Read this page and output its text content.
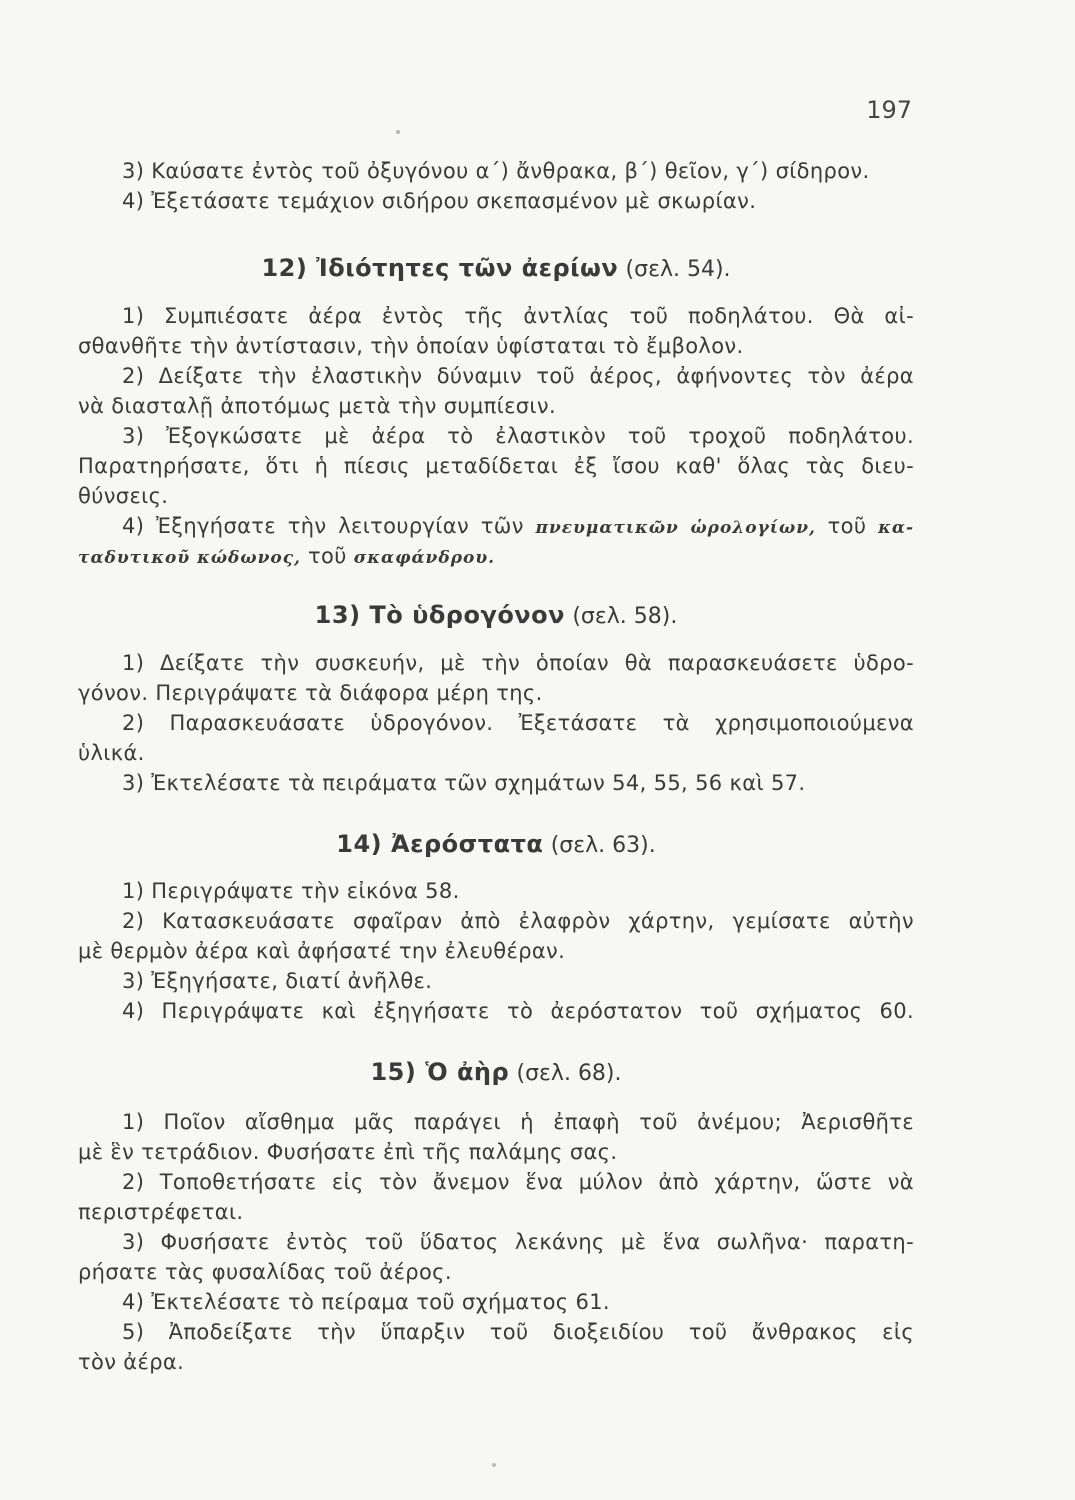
197
3) Καύσατε ἐντὸς τοῦ ὀξυγόνου α΄) ἄνθρακα, β΄) θεῖον, γ΄) σίδηρον.
4) Ἐξετάσατε τεμάχιον σιδήρου σκεπασμένον μὲ σκωρίαν.
12) Ἰδιότητες τῶν ἀερίων (σελ. 54).
1) Συμπιέσατε ἀέρα ἐντὸς τῆς ἀντλίας τοῦ ποδηλάτου. Θὰ αἰ-
σθανθῆτε τὴν ἀντίστασιν, τὴν ὁποίαν ὑφίσταται τὸ ἔμβολον.
2) Δείξατε τὴν ἐλαστικὴν δύναμιν τοῦ ἀέρος, ἀφήνοντες τὸν ἀέρα
νὰ διασταλῇ ἀποτόμως μετὰ τὴν συμπίεσιν.
3) Ἐξογκώσατε μὲ ἀέρα τὸ ἐλαστικὸν τοῦ τροχοῦ ποδηλάτου.
Παρατηρήσατε, ὅτι ἡ πίεσις μεταδίδεται ἐξ ἴσου καθ' ὅλας τὰς διευ-
θύνσεις.
4) Ἐξηγήσατε τὴν λειτουργίαν τῶν πνευματικῶν ὡρολογίων, τοῦ κα-
ταδυτικοῦ κώδωνος, τοῦ σκαφάνδρου.
13) Τὸ ὑδρογόνον (σελ. 58).
1) Δείξατε τὴν συσκευήν, μὲ τὴν ὁποίαν θὰ παρασκευάσετε ὑδρο-
γόνον. Περιγράψατε τὰ διάφορα μέρη της.
2) Παρασκευάσατε ὑδρογόνον. Ἐξετάσατε τὰ χρησιμοποιούμενα
ὑλικά.
3) Ἐκτελέσατε τὰ πειράματα τῶν σχημάτων 54, 55, 56 καὶ 57.
14) Ἀερόστατα (σελ. 63).
1) Περιγράψατε τὴν εἰκόνα 58.
2) Κατασκευάσατε σφαῖραν ἀπὸ ἐλαφρὸν χάρτην, γεμίσατε αὐτὴν
μὲ θερμὸν ἀέρα καὶ ἀφήσατέ την ἐλευθέραν.
3) Ἐξηγήσατε, διατί ἀνῆλθε.
4) Περιγράψατε καὶ ἐξηγήσατε τὸ ἀερόστατον τοῦ σχήματος 60.
15) Ὁ ἀὴρ (σελ. 68).
1) Ποῖον αἴσθημα μᾶς παράγει ἡ ἐπαφὴ τοῦ ἀνέμου; Ἀερισθῆτε
μὲ ἓν τετράδιον. Φυσήσατε ἐπὶ τῆς παλάμης σας.
2) Τοποθετήσατε εἰς τὸν ἄνεμον ἕνα μύλον ἀπὸ χάρτην, ὥστε νὰ
περιστρέφεται.
3) Φυσήσατε ἐντὸς τοῦ ὕδατος λεκάνης μὲ ἕνα σωλῆνα· παρατη-
ρήσατε τὰς φυσαλίδας τοῦ ἀέρος.
4) Ἐκτελέσατε τὸ πείραμα τοῦ σχήματος 61.
5) Ἀποδείξατε τὴν ὕπαρξιν τοῦ διοξειδίου τοῦ ἄνθρακος εἰς
τὸν ἀέρα.
